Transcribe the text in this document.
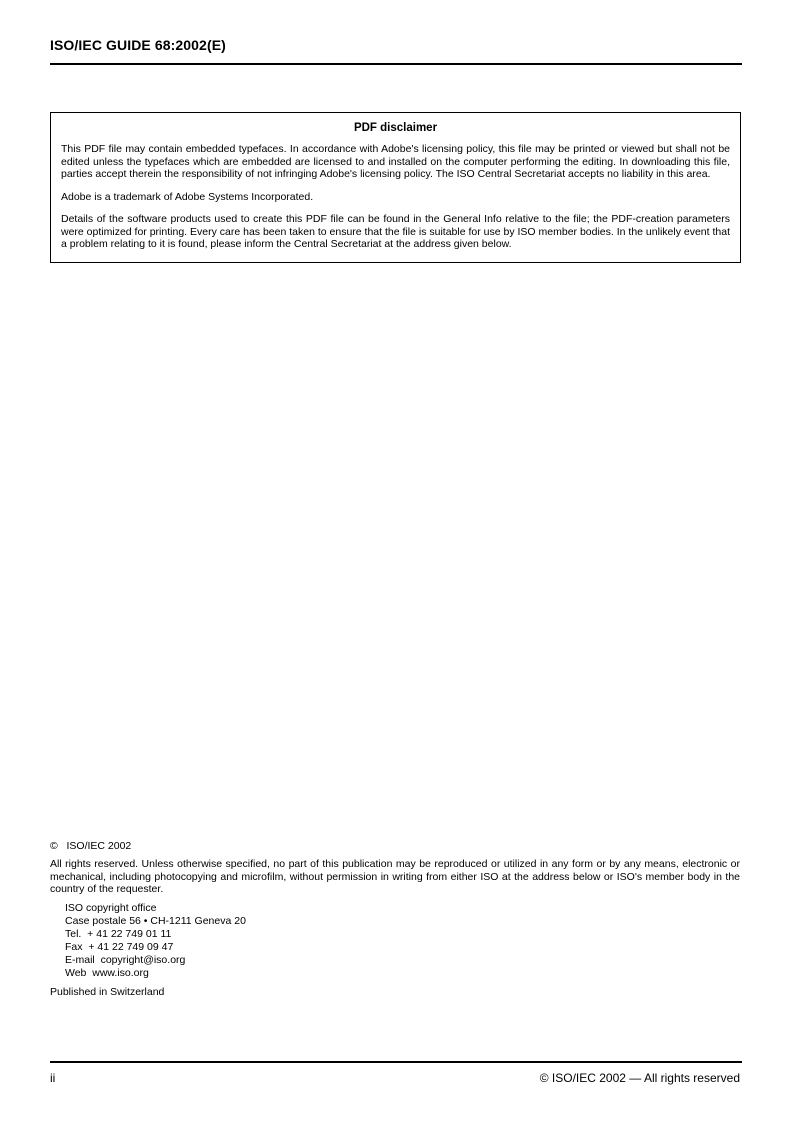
ISO/IEC GUIDE 68:2002(E)
PDF disclaimer

This PDF file may contain embedded typefaces. In accordance with Adobe's licensing policy, this file may be printed or viewed but shall not be edited unless the typefaces which are embedded are licensed to and installed on the computer performing the editing. In downloading this file, parties accept therein the responsibility of not infringing Adobe's licensing policy. The ISO Central Secretariat accepts no liability in this area.

Adobe is a trademark of Adobe Systems Incorporated.

Details of the software products used to create this PDF file can be found in the General Info relative to the file; the PDF-creation parameters were optimized for printing. Every care has been taken to ensure that the file is suitable for use by ISO member bodies. In the unlikely event that a problem relating to it is found, please inform the Central Secretariat at the address given below.

©   ISO/IEC 2002

All rights reserved. Unless otherwise specified, no part of this publication may be reproduced or utilized in any form or by any means, electronic or mechanical, including photocopying and microfilm, without permission in writing from either ISO at the address below or ISO's member body in the country of the requester.

ISO copyright office
Case postale 56 • CH-1211 Geneva 20
Tel.  + 41 22 749 01 11
Fax  + 41 22 749 09 47
E-mail  copyright@iso.org
Web  www.iso.org
Published in Switzerland
ii	© ISO/IEC 2002 — All rights reserved
